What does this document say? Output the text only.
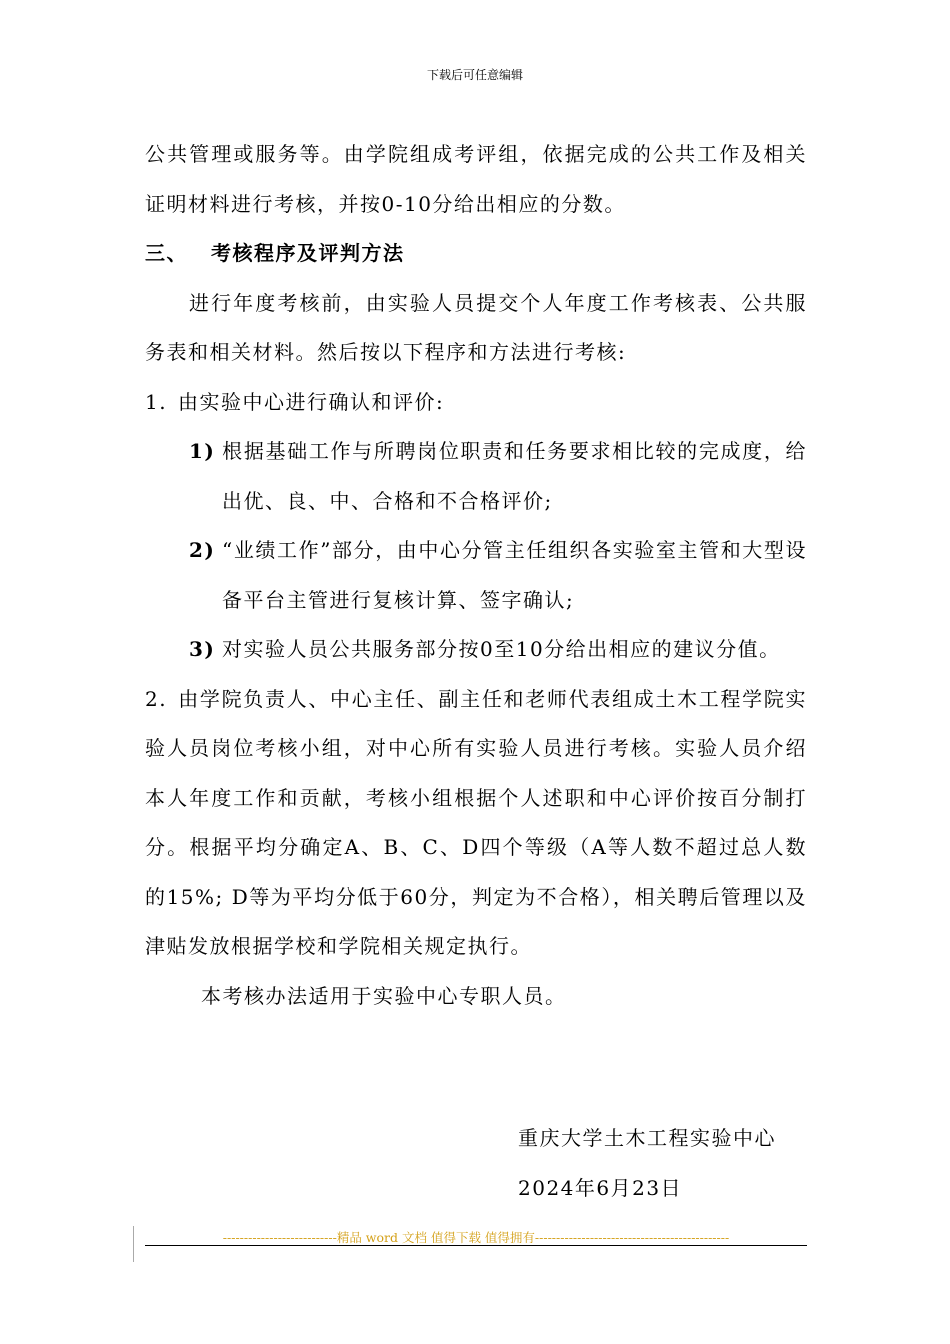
下载后可任意编辑

公共管理或服务等。由学院组成考评组，依据完成的公共工作及相关证明材料进行考核，并按0-10分给出相应的分数。

三、 考核程序及评判方法

进行年度考核前，由实验人员提交个人年度工作考核表、公共服务表和相关材料。然后按以下程序和方法进行考核:

1. 由实验中心进行确认和评价:

1) 根据基础工作与所聘岗位职责和任务要求相比较的完成度，给出优、良、中、合格和不合格评价;

2) “业绩工作”部分，由中心分管主任组织各实验室主管和大型设备平台主管进行复核计算、签字确认;

3) 对实验人员公共服务部分按0至10分给出相应的建议分值。

2. 由学院负责人、中心主任、副主任和老师代表组成土木工程学院实验人员岗位考核小组，对中心所有实验人员进行考核。实验人员介绍本人年度工作和贡献，考核小组根据个人述职和中心评价按百分制打分。根据平均分确定A、B、C、D四个等级（A等人数不超过总人数的15%; D等为平均分低于60分，判定为不合格），相关聘后管理以及津贴发放根据学校和学院相关规定执行。

本考核办法适用于实验中心专职人员。

重庆大学土木工程实验中心

2024年6月23日

---------------------------精品 word 文档 值得下载 值得拥有----------------------------------------------
